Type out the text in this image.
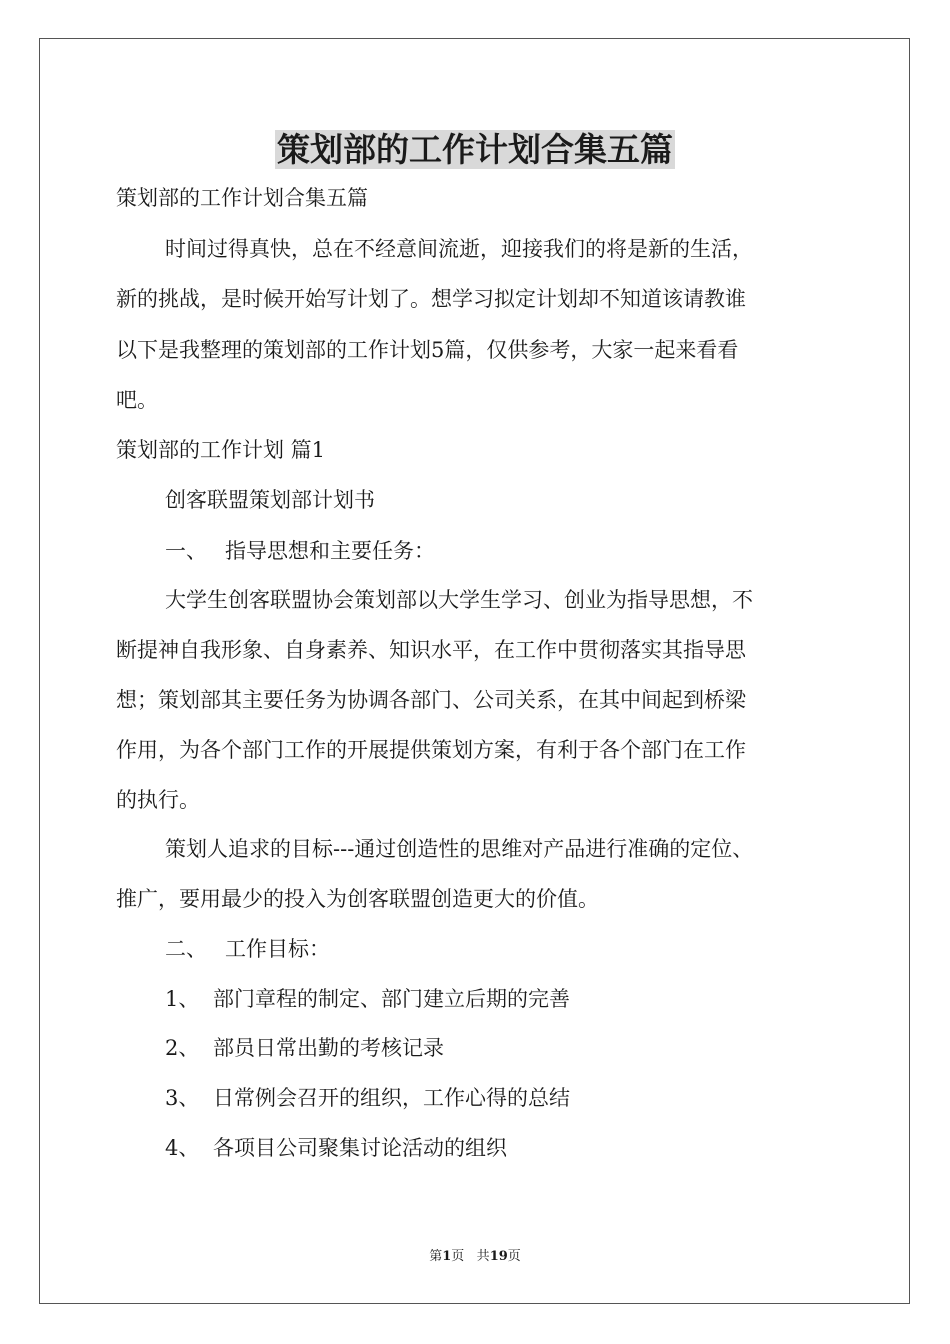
策划部的工作计划合集五篇

策划部的工作计划合集五篇

时间过得真快，总在不经意间流逝，迎接我们的将是新的生活，

新的挑战，是时候开始写计划了。想学习拟定计划却不知道该请教谁

以下是我整理的策划部的工作计划5篇，仅供参考，大家一起来看看

吧。

策划部的工作计划 篇1

创客联盟策划部计划书

一、 指导思想和主要任务：

大学生创客联盟协会策划部以大学生学习、创业为指导思想，不

断提神自我形象、自身素养、知识水平，在工作中贯彻落实其指导思

想；策划部其主要任务为协调各部门、公司关系，在其中间起到桥梁

作用，为各个部门工作的开展提供策划方案，有利于各个部门在工作

的执行。

策划人追求的目标---通过创造性的思维对产品进行准确的定位、

推广，要用最少的投入为创客联盟创造更大的价值。

二、 工作目标：

1、 部门章程的制定、部门建立后期的完善

2、 部员日常出勤的考核记录

3、 日常例会召开的组织，工作心得的总结

4、 各项目公司聚集讨论活动的组织

第1页 共19页
